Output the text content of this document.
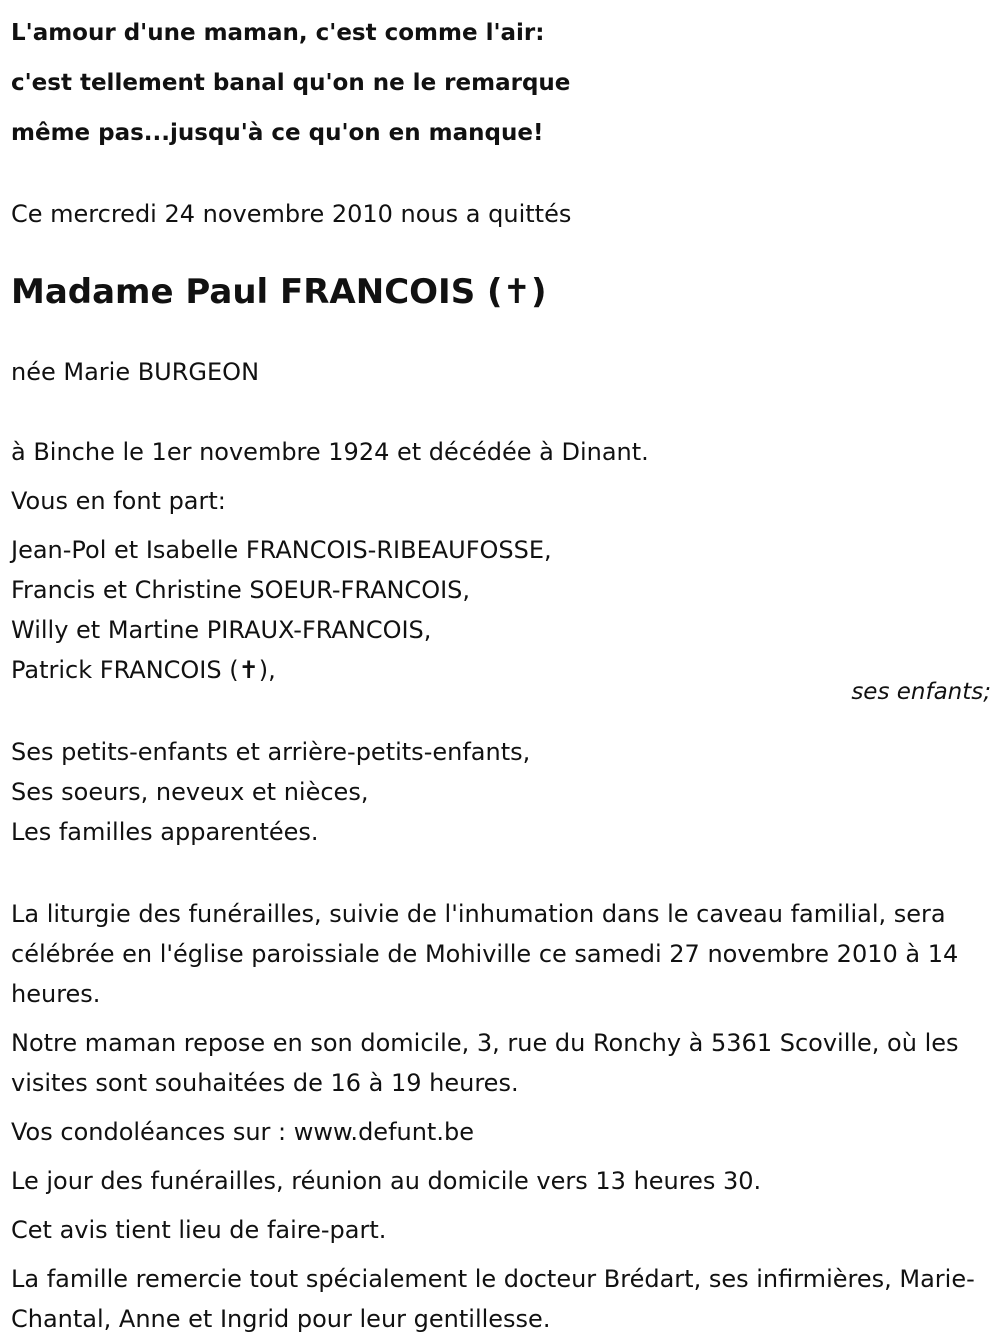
L'amour d'une maman, c'est comme l'air:
c'est tellement banal qu'on ne le remarque
même pas...jusqu'à ce qu'on en manque!

Ce mercredi 24 novembre 2010 nous a quittés

Madame Paul FRANCOIS (✝)

née Marie BURGEON

à Binche le 1er novembre 1924 et décédée à Dinant.

Vous en font part:

Jean-Pol et Isabelle FRANCOIS-RIBEAUFOSSE,

Francis et Christine SOEUR-FRANCOIS,

Willy et Martine PIRAUX-FRANCOIS,

Patrick FRANCOIS (✝),

ses enfants;

Ses petits-enfants et arrière-petits-enfants,

Ses soeurs, neveux et nièces,

Les familles apparentées.

La liturgie des funérailles, suivie de l'inhumation dans le caveau familial, sera célébrée en l'église paroissiale de Mohiville ce samedi 27 novembre 2010 à 14 heures.

Notre maman repose en son domicile, 3, rue du Ronchy à 5361 Scoville, où les visites sont souhaitées de 16 à 19 heures.

Vos condoléances sur : www.defunt.be

Le jour des funérailles, réunion au domicile vers 13 heures 30.

Cet avis tient lieu de faire-part.

La famille remercie tout spécialement le docteur Brédart, ses infirmières, Marie-Chantal, Anne et Ingrid pour leur gentillesse.
